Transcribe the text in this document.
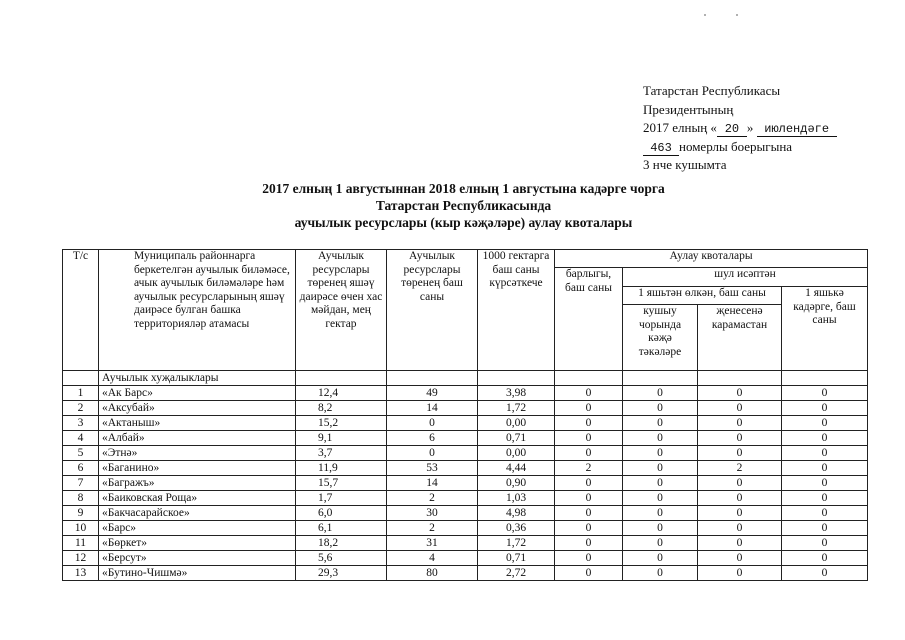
Татарстан Республикасы
Президентының
2017 елның « 20 » июлендәге
463 номерлы боерыгына
3 нче кушымта
2017 елның 1 августыннан 2018 елның 1 августына кадәрге чорга
Татарстан Республикасында
аучылык ресурслары (кыр кәҗәләре) аулау квоталары
Т/с	Муниципаль районнарга беркетелгән аучылык биләмәсе, ачык аучылык биләмәләре һәм аучылык ресурсларының яшәү даирәсе булган башка территорияләр атамасы	Аучылык ресурслары төренең яшәү даирәсе өчен хас мәйдан, мең гектар	Аучылык ресурслары төренең баш саны	1000 гектарга баш саны күрсәткече	Аулау квоталары			
					барлыгы, баш саны	шул исәптән		
						1 яшьтән өлкән, баш саны		1 яшькә кадәрге, баш саны
						кушыу чорында кәҗә тәкәләре	җенесенә карамастан	
	Аучылык хуҗалыклары							
1	«Ак Барс»	12,4	49	3,98	0	0	0	0
2	«Аксубай»	8,2	14	1,72	0	0	0	0
3	«Актаныш»	15,2	0	0,00	0	0	0	0
4	«Албай»	9,1	6	0,71	0	0	0	0
5	«Этнә»	3,7	0	0,00	0	0	0	0
6	«Баганино»	11,9	53	4,44	2	0	2	0
7	«Багражъ»	15,7	14	0,90	0	0	0	0
8	«Баиковская Роща»	1,7	2	1,03	0	0	0	0
9	«Бакчасарайское»	6,0	30	4,98	0	0	0	0
10	«Барс»	6,1	2	0,36	0	0	0	0
11	«Бөркет»	18,2	31	1,72	0	0	0	0
12	«Берсут»	5,6	4	0,71	0	0	0	0
13	«Бутино-Чишмә»	29,3	80	2,72	0	0	0	0
